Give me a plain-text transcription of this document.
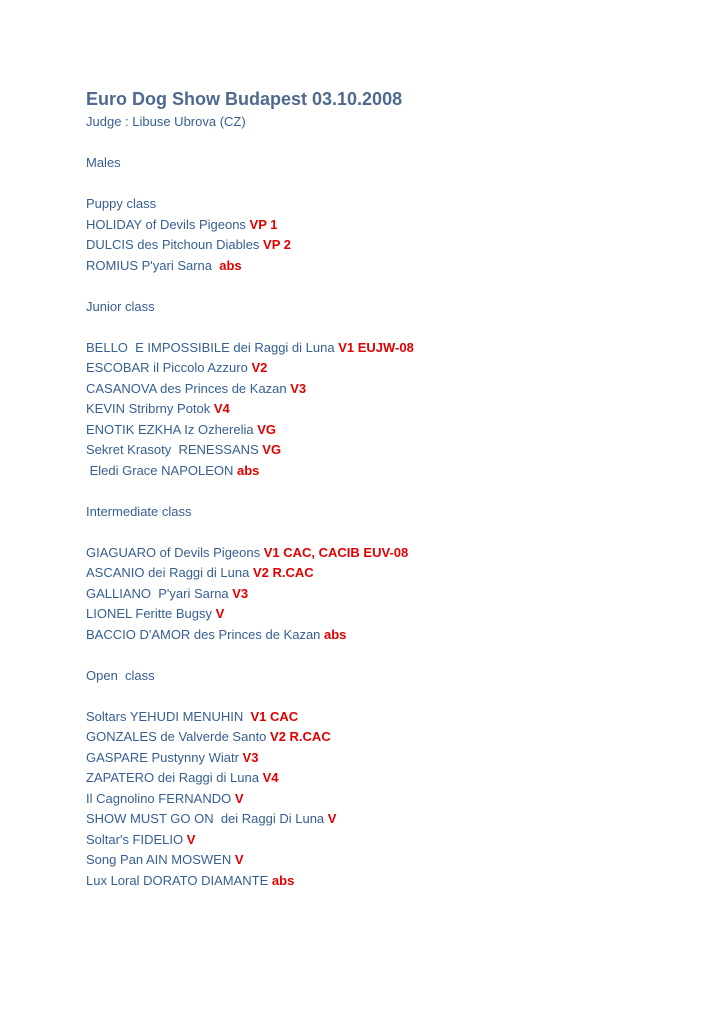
Euro Dog Show Budapest 03.10.2008
Judge : Libuse Ubrova (CZ)
Males
Puppy class
HOLIDAY of Devils Pigeons VP 1
DULCIS des Pitchoun Diables VP 2
ROMIUS P'yari Sarna  abs
Junior class
BELLO  E IMPOSSIBILE dei Raggi di Luna V1 EUJW-08
ESCOBAR il Piccolo Azzuro V2
CASANOVA des Princes de Kazan V3
KEVIN Stribrny Potok V4
ENOTIK EZKHA Iz Ozherelia VG
Sekret Krasoty  RENESSANS VG
Eledi Grace NAPOLEON abs
Intermediate class
GIAGUARO of Devils Pigeons V1 CAC, CACIB EUV-08
ASCANIO dei Raggi di Luna V2 R.CAC
GALLIANO  P'yari Sarna V3
LIONEL Feritte Bugsy V
BACCIO D'AMOR des Princes de Kazan abs
Open  class
Soltars YEHUDI MENUHIN  V1 CAC
GONZALES de Valverde Santo V2 R.CAC
GASPARE Pustynny Wiatr V3
ZAPATERO dei Raggi di Luna V4
Il Cagnolino FERNANDO V
SHOW MUST GO ON  dei Raggi Di Luna V
Soltar's FIDELIO V
Song Pan AIN MOSWEN V
Lux Loral DORATO DIAMANTE abs
